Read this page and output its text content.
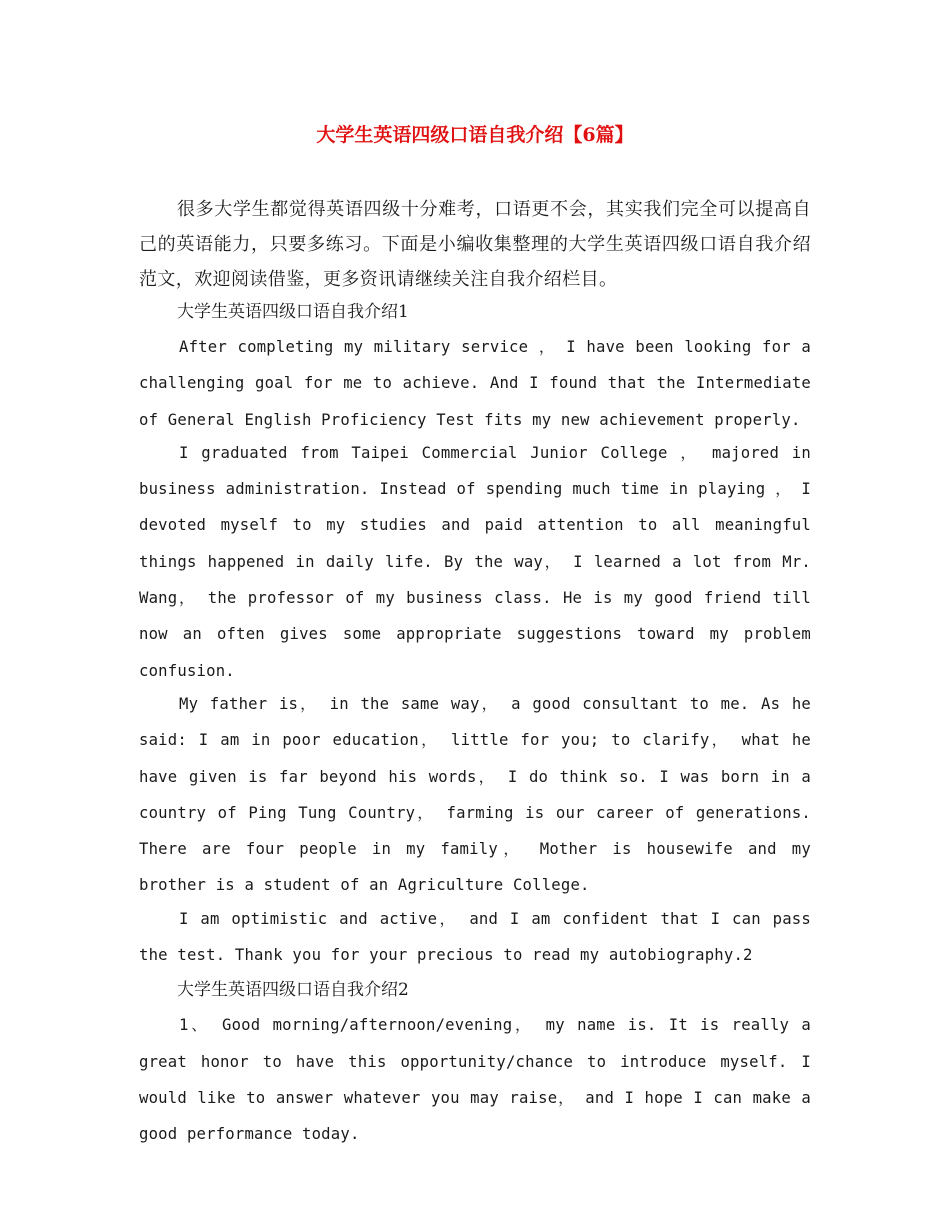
大学生英语四级口语自我介绍【6篇】

很多大学生都觉得英语四级十分难考，口语更不会，其实我们完全可以提高自己的英语能力，只要多练习。下面是小编收集整理的大学生英语四级口语自我介绍范文，欢迎阅读借鉴，更多资讯请继续关注自我介绍栏目。

大学生英语四级口语自我介绍1

After completing my military service ， I have been looking for a challenging goal for me to achieve. And I found that the Intermediate of General English Proficiency Test fits my new achievement properly.

I graduated from Taipei Commercial Junior College ， majored in business administration. Instead of spending much time in playing ， I devoted myself to my studies and paid attention to all meaningful things happened in daily life. By the way， I learned a lot from Mr. Wang， the professor of my business class. He is my good friend till now an often gives some appropriate suggestions toward my problem confusion.

My father is， in the same way， a good consultant to me. As he said: I am in poor education， little for you; to clarify， what he have given is far beyond his words， I do think so. I was born in a country of Ping Tung Country， farming is our career of generations. There are four people in my family， Mother is housewife and my brother is a student of an Agriculture College.

I am optimistic and active， and I am confident that I can pass the test. Thank you for your precious to read my autobiography.2

大学生英语四级口语自我介绍2

1、 Good morning/afternoon/evening， my name is. It is really a great honor to have this opportunity/chance to introduce myself. I would like to answer whatever you may raise， and I hope I can make a good performance today.
